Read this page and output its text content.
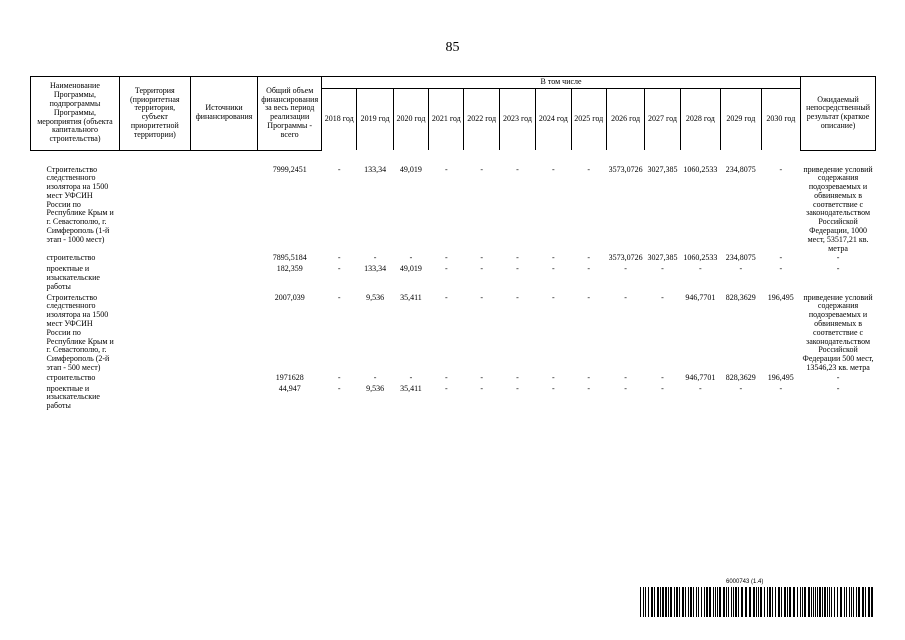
85
Наименование Программы, подпрограммы Программы, мероприятия (объекта капитального строительства)	Территория (приоритетная территория, субъект приоритетной территории)	Источники финансирования	Общий объем финансирования за весь период реализации Программы - всего	В том числе													Ожидаемый непосредственный результат (краткое описание)
				2018 год	2019 год	2020 год	2021 год	2022 год	2023 год	2024 год	2025 год	2026 год	2027 год	2028 год	2029 год	2030 год	

Строительство следственного изолятора на 1500 мест УФСИН России по Республике Крым и г. Севастополю, г. Симферополь (1-й этап - 1000 мест)			7999,2451	-	133,34	49,019	-	-	-	-	-	3573,0726	3027,385	1060,2533	234,8075	-	приведение условий содержания подозреваемых и обвиняемых в соответствие с законодательством Российской Федерации, 1000 мест, 53517,21 кв. метра
строительство			7895,5184	-	-	-	-	-	-	-	-	3573,0726	3027,385	1060,2533	234,8075	-	-
проектные и изыскательские работы			182,359	-	133,34	49,019	-	-	-	-	-	-	-	-	-	-	-
Строительство следственного изолятора на 1500 мест УФСИН России по Республике Крым и г. Севастополю, г. Симферополь (2-й этап - 500 мест)			2007,039	-	9,536	35,411	-	-	-	-	-	-	-	946,7701	828,3629	196,495	приведение условий содержания подозреваемых и обвиняемых в соответствие с законодательством Российской Федерации 500 мест, 13546,23 кв. метра
строительство			1971628	-	-	-	-	-	-	-	-	-	-	946,7701	828,3629	196,495	-
проектные и изыскательские работы			44,947	-	9,536	35,411	-	-	-	-	-	-	-	-	-	-	-
6000743 (1.4)
